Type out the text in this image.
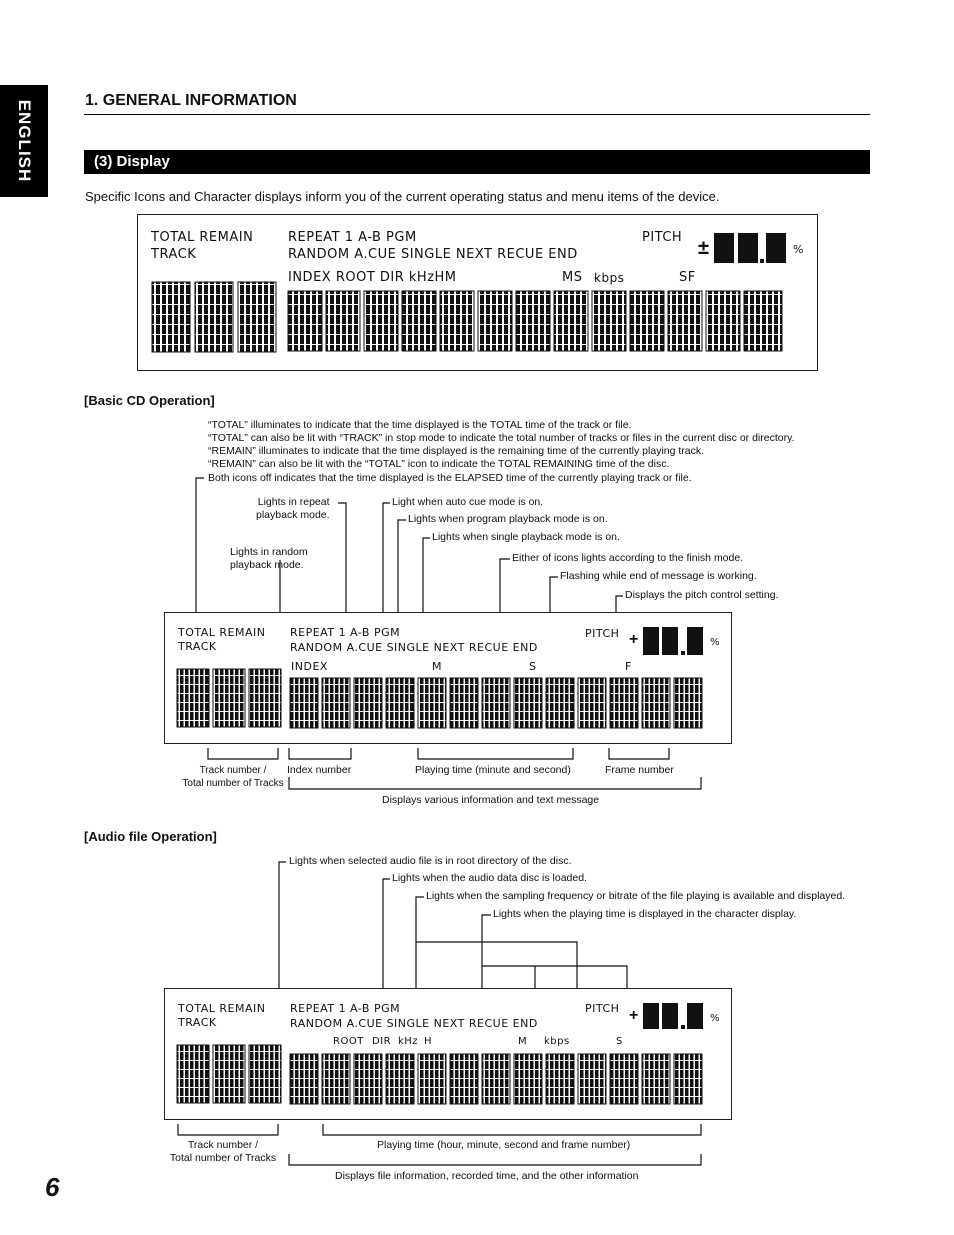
ENGLISH	1. GENERAL INFORMATION
(3) Display
Specific Icons and Character displays inform you of the current operating status and menu items of the device.
TOTAL REMAIN
TRACK
REPEAT 1 A-B PGM
RANDOM A.CUE SINGLE NEXT RECUE END
INDEX ROOT DIR kHzHM	MS kbps	SF
PITCH ±	%
[Basic CD Operation]
“TOTAL” illuminates to indicate that the time displayed is the TOTAL time of the track or file.
“TOTAL” can also be lit with “TRACK” in stop mode to indicate the total number of tracks or files in the current disc or directory.
“REMAIN” illuminates to indicate that the time displayed is the remaining time of the currently playing track.
“REMAIN” can also be lit with the “TOTAL” icon to indicate the TOTAL REMAINING time of the disc.
Both icons off indicates that the time displayed is the ELAPSED time of the currently playing track or file.
Lights in repeat
playback mode.
Lights in random
playback mode.
Light when auto cue mode is on.
Lights when program playback mode is on.
Lights when single playback mode is on.
Either of icons lights according to the finish mode.
Flashing while end of message is working.
Displays the pitch control setting.
TOTAL REMAIN
TRACK
REPEAT 1 A-B PGM
RANDOM A.CUE SINGLE NEXT RECUE END
INDEX	M	S	F
PITCH +	%
Track number /
Total number of Tracks
Index number	Playing time (minute and second)	Frame number
Displays various information and text message
[Audio file Operation]
Lights when selected audio file is in root directory of the disc.
Lights when the audio data disc is loaded.
Lights when the sampling frequency or bitrate of the file playing is available and displayed.
Lights when the playing time is displayed in the character display.
TOTAL REMAIN
TRACK
REPEAT 1 A-B PGM
RANDOM A.CUE SINGLE NEXT RECUE END
ROOT DIR kHz H	M kbps	S
PITCH +	%
Track number /
Total number of Tracks
Playing time (hour, minute, second and frame number)
Displays file information, recorded time, and the other information
6
